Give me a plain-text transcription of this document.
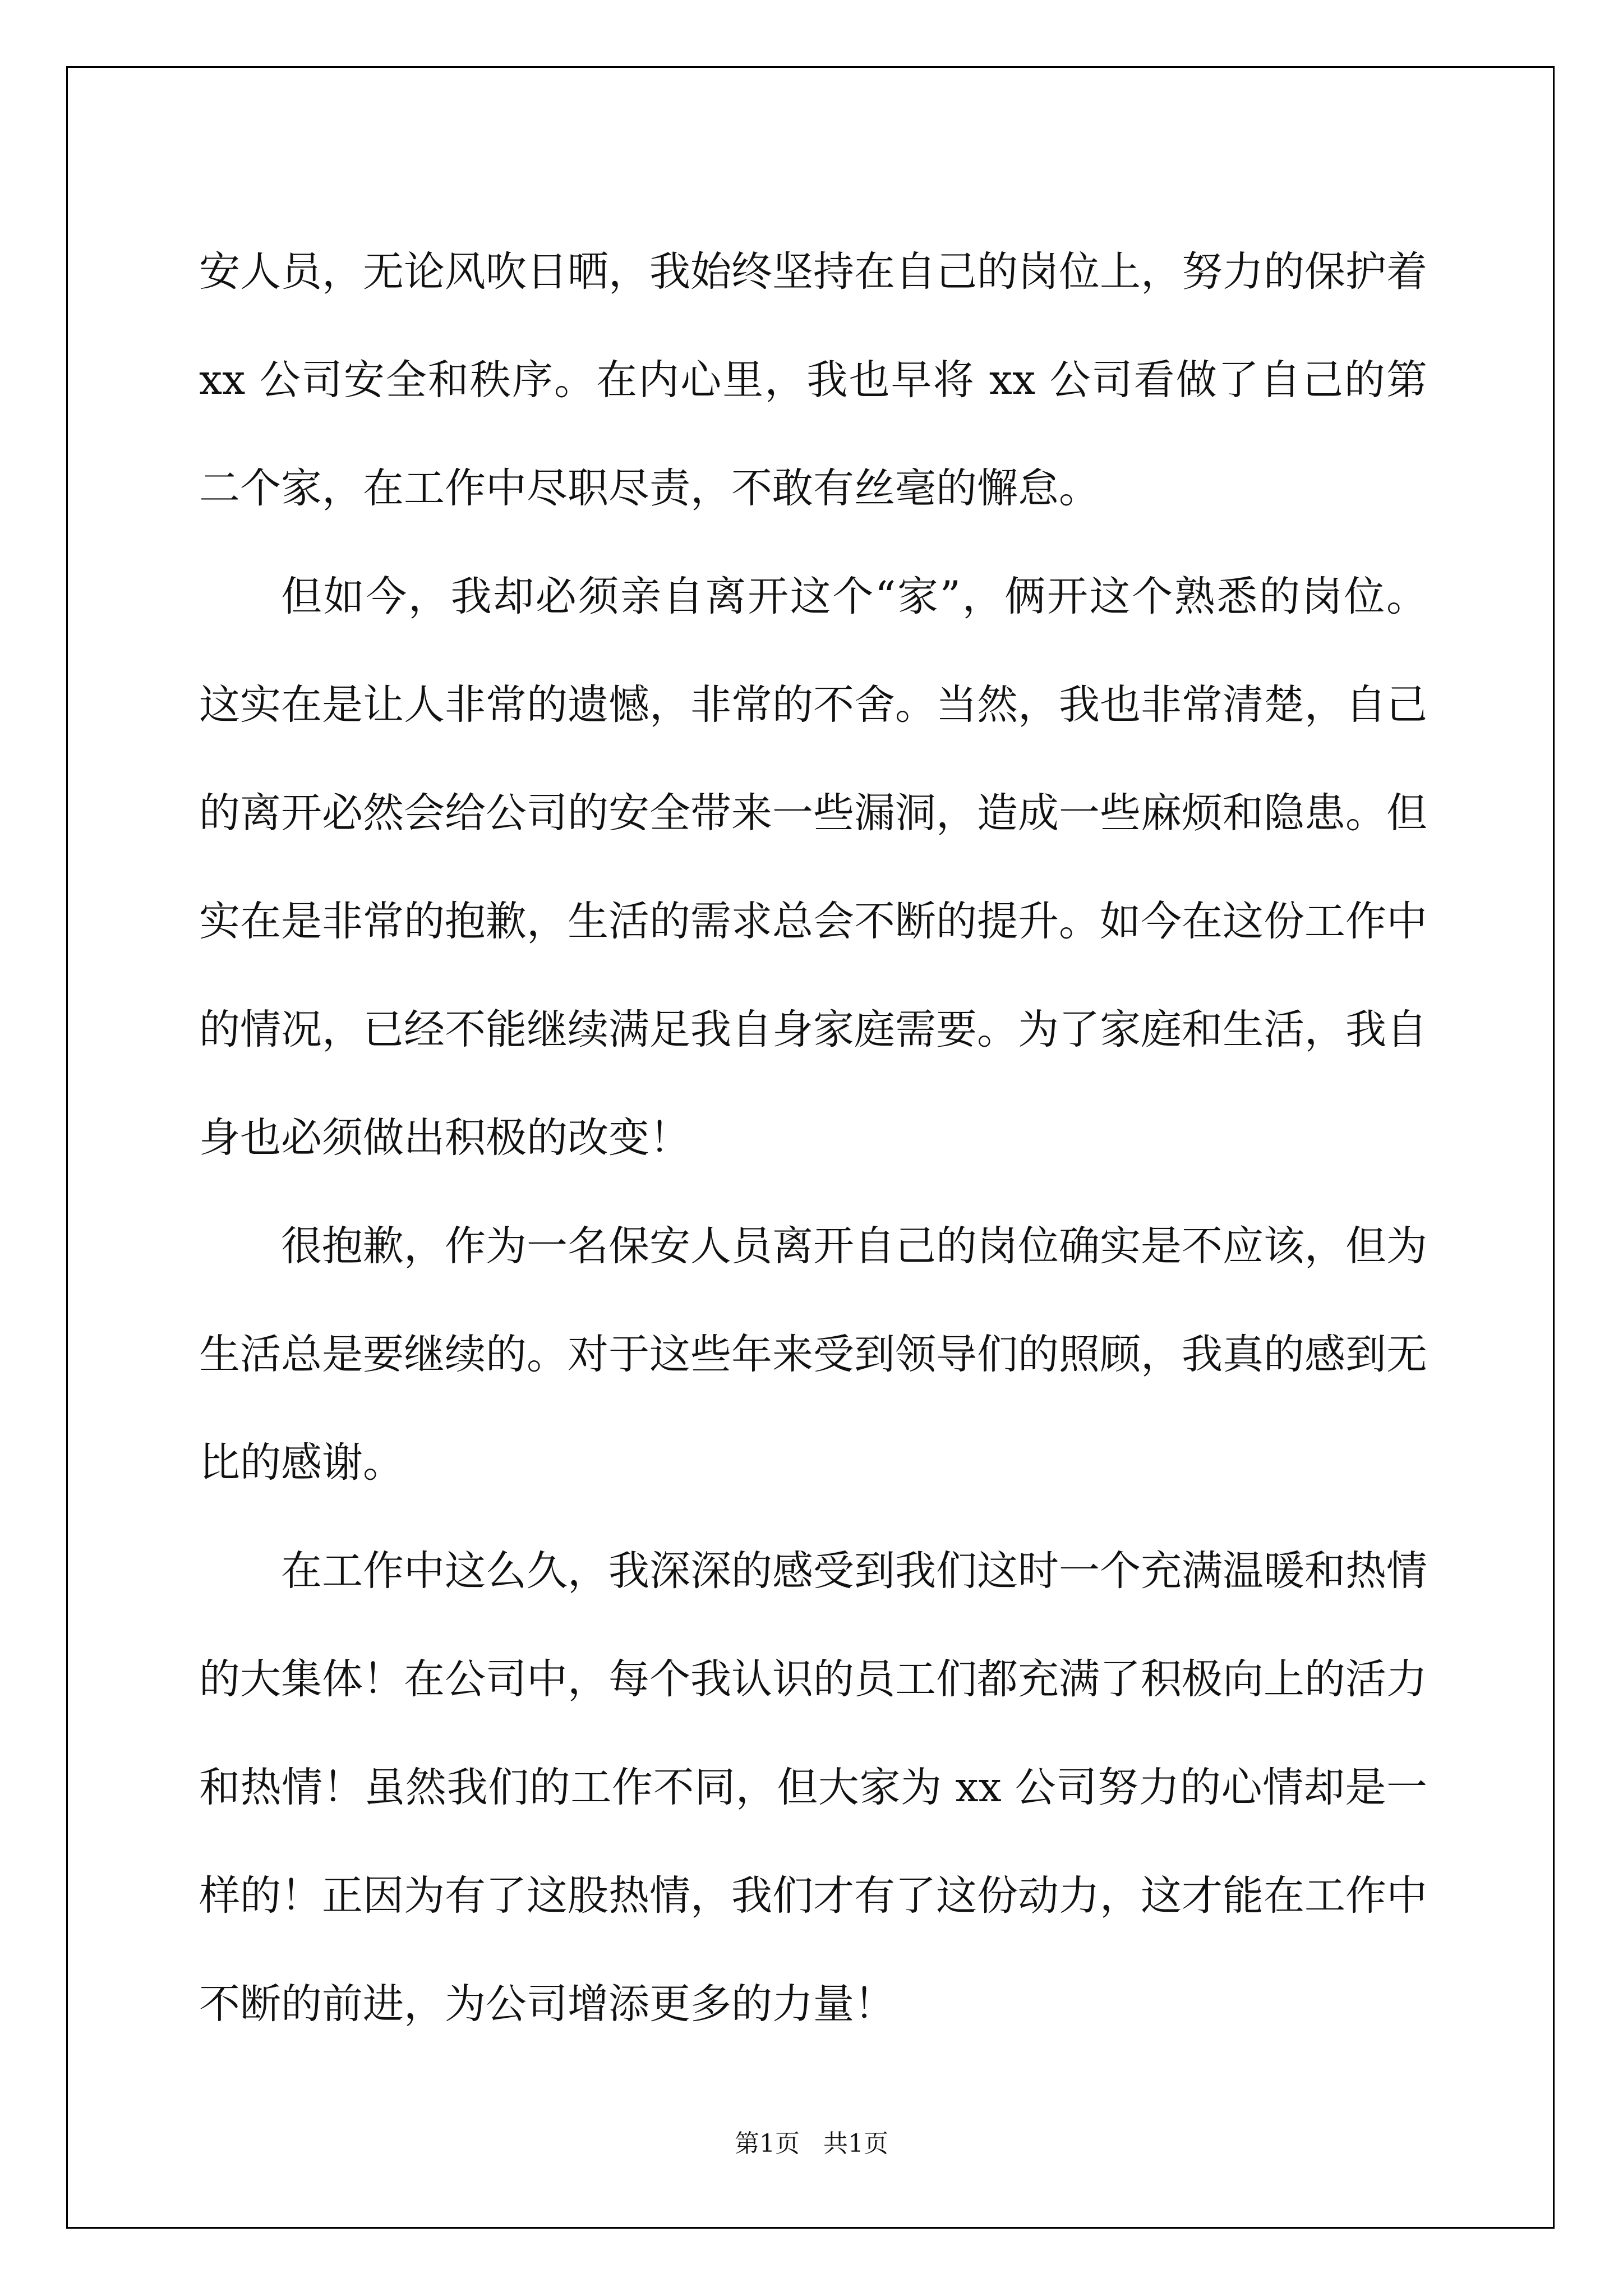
安人员，无论风吹日晒，我始终坚持在自己的岗位上，努力的保护着 xx 公司安全和秩序。在内心里，我也早将 xx 公司看做了自己的第二个家，在工作中尽职尽责，不敢有丝毫的懈怠。

但如今，我却必须亲自离开这个“家”，俩开这个熟悉的岗位。这实在是让人非常的遗憾，非常的不舍。当然，我也非常清楚，自己的离开必然会给公司的安全带来一些漏洞，造成一些麻烦和隐患。但实在是非常的抱歉，生活的需求总会不断的提升。如今在这份工作中的情况，已经不能继续满足我自身家庭需要。为了家庭和生活，我自身也必须做出积极的改变！

很抱歉，作为一名保安人员离开自己的岗位确实是不应该，但为生活总是要继续的。对于这些年来受到领导们的照顾，我真的感到无比的感谢。

在工作中这么久，我深深的感受到我们这时一个充满温暖和热情的大集体！在公司中，每个我认识的员工们都充满了积极向上的活力和热情！虽然我们的工作不同，但大家为 xx 公司努力的心情却是一样的！正因为有了这股热情，我们才有了这份动力，这才能在工作中不断的前进，为公司增添更多的力量！

第1页   共1页
